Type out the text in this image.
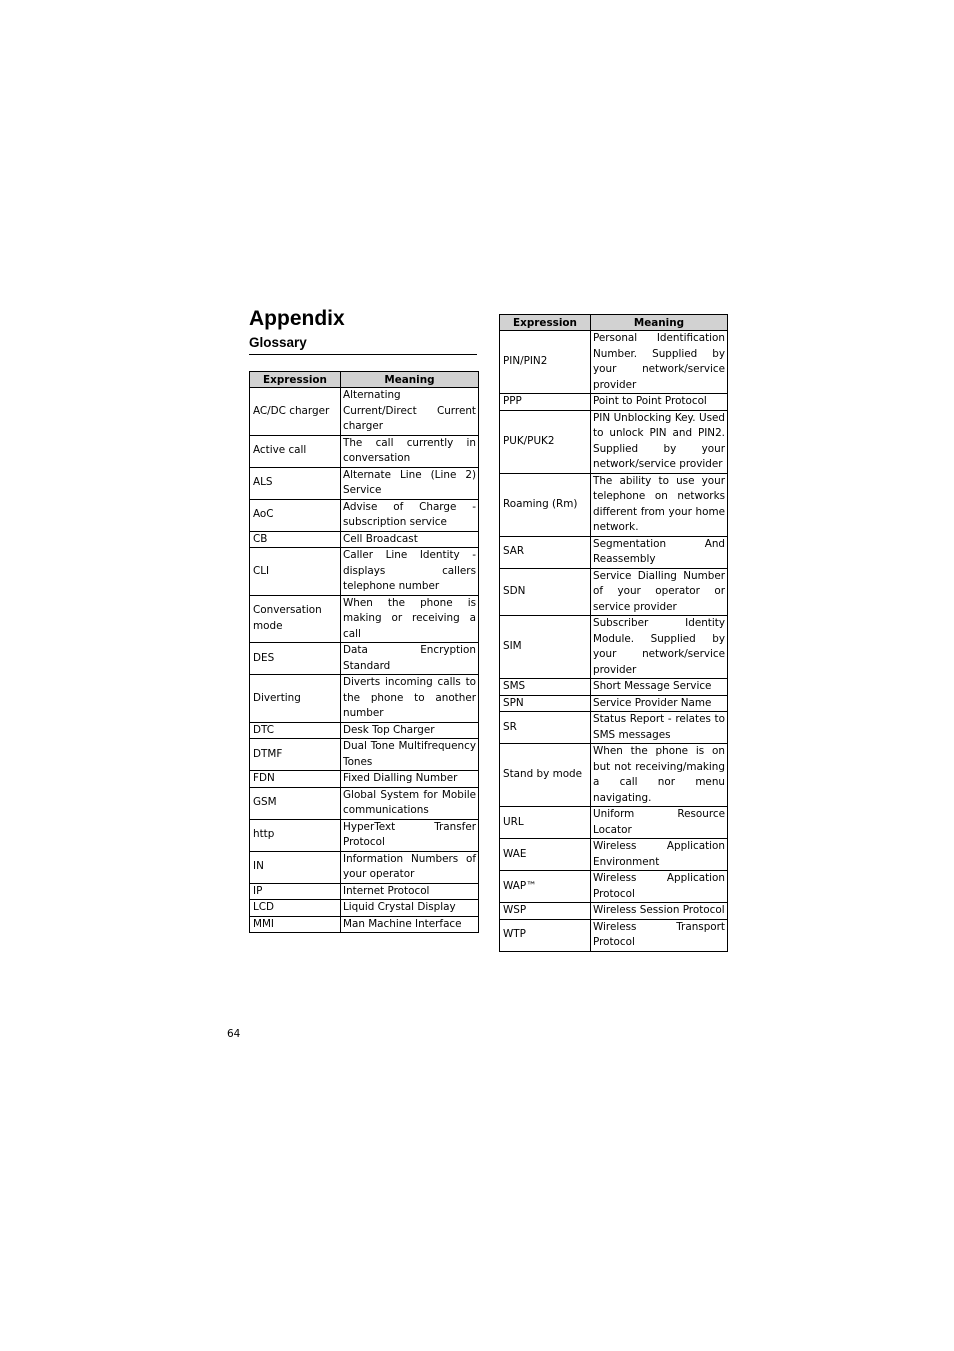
Appendix
Glossary
Expression	Meaning
AC/DC charger	Alternating Current/Direct Current charger
Active call	The call currently in conversation
ALS	Alternate Line (Line 2) Service
AoC	Advise of Charge - subscription service
CB	Cell Broadcast
CLI	Caller Line Identity - displays callers telephone number
Conversation mode	When the phone is making or receiving a call
DES	Data Encryption Standard
Diverting	Diverts incoming calls to the phone to another number
DTC	Desk Top Charger
DTMF	Dual Tone Multifrequency Tones
FDN	Fixed Dialling Number
GSM	Global System for Mobile communications
http	HyperText Transfer Protocol
IN	Information Numbers of your operator
IP	Internet Protocol
LCD	Liquid Crystal Display
MMI	Man Machine Interface
Expression	Meaning
PIN/PIN2	Personal Identification Number. Supplied by your network/service provider
PPP	Point to Point Protocol
PUK/PUK2	PIN Unblocking Key. Used to unlock PIN and PIN2. Supplied by your network/service provider
Roaming (Rm)	The ability to use your telephone on networks different from your home network.
SAR	Segmentation And Reassembly
SDN	Service Dialling Number of your operator or service provider
SIM	Subscriber Identity Module. Supplied by your network/service provider
SMS	Short Message Service
SPN	Service Provider Name
SR	Status Report - relates to SMS messages
Stand by mode	When the phone is on but not receiving/making a call nor menu navigating.
URL	Uniform Resource Locator
WAE	Wireless Application Environment
WAP™	Wireless Application Protocol
WSP	Wireless Session Protocol
WTP	Wireless Transport Protocol
64
